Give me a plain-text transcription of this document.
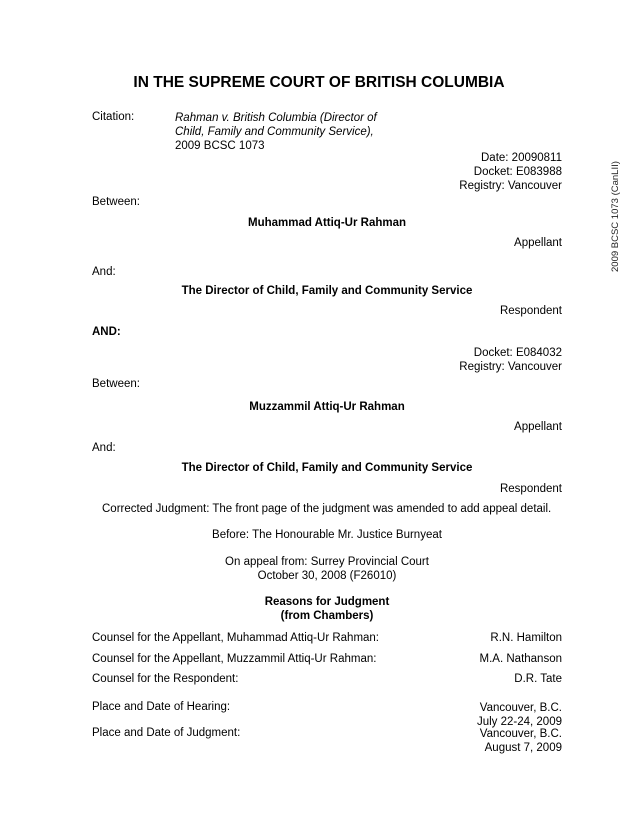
IN THE SUPREME COURT OF BRITISH COLUMBIA
Citation:	Rahman v. British Columbia (Director of
Child, Family and Community Service),
2009 BCSC 1073
Date: 20090811
Docket: E083988
Registry: Vancouver
Between:
Muhammad Attiq-Ur Rahman
Appellant
And:
The Director of Child, Family and Community Service
Respondent
AND:
Docket: E084032
Registry: Vancouver
Between:
Muzzammil Attiq-Ur Rahman
Appellant
And:
The Director of Child, Family and Community Service
Respondent
Corrected Judgment: The front page of the judgment was amended to add appeal detail.
Before: The Honourable Mr. Justice Burnyeat
On appeal from: Surrey Provincial Court
October 30, 2008 (F26010)
Reasons for Judgment
(from Chambers)
Counsel for the Appellant, Muhammad Attiq-Ur Rahman:	R.N. Hamilton
Counsel for the Appellant, Muzzammil Attiq-Ur Rahman:	M.A. Nathanson
Counsel for the Respondent:	D.R. Tate
Place and Date of Hearing:	Vancouver, B.C.
July 22-24, 2009
Place and Date of Judgment:	Vancouver, B.C.
August 7, 2009
2009 BCSC 1073 (CanLII)
